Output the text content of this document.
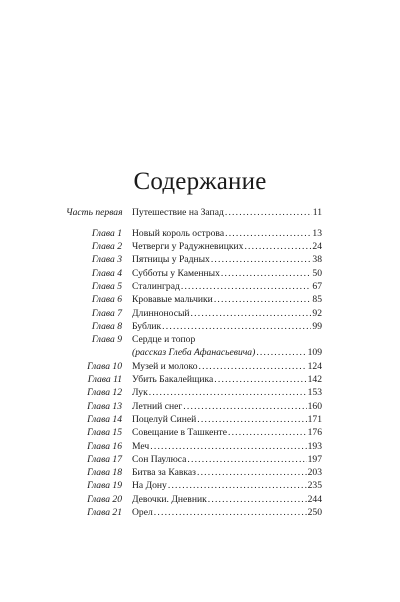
Содержание
Часть первая Путешествие на Запад .....	11
Глава 1 Новый король острова .....	13
Глава 2 Четверги у Радужневицких .....	24
Глава 3 Пятницы у Радных .....	38
Глава 4 Субботы у Каменных .....	50
Глава 5 Сталинград .....	67
Глава 6 Кровавые мальчики .....	85
Глава 7 Длинноносый .....	92
Глава 8 Бублик .....	99
Глава 9 Сердце и топор
(рассказ Глеба Афанасьевича) .....	109
Глава 10 Музей и молоко .....	124
Глава 11 Убить Бакалейщика .....	142
Глава 12 Лук .....	153
Глава 13 Летний снег .....	160
Глава 14 Поцелуй Синей .....	171
Глава 15 Совещание в Ташкенте .....	176
Глава 16 Меч .....	193
Глава 17 Сон Паулюса .....	197
Глава 18 Битва за Кавказ .....	203
Глава 19 На Дону .....	235
Глава 20 Девочки. Дневник .....	244
Глава 21 Орел .....	250
